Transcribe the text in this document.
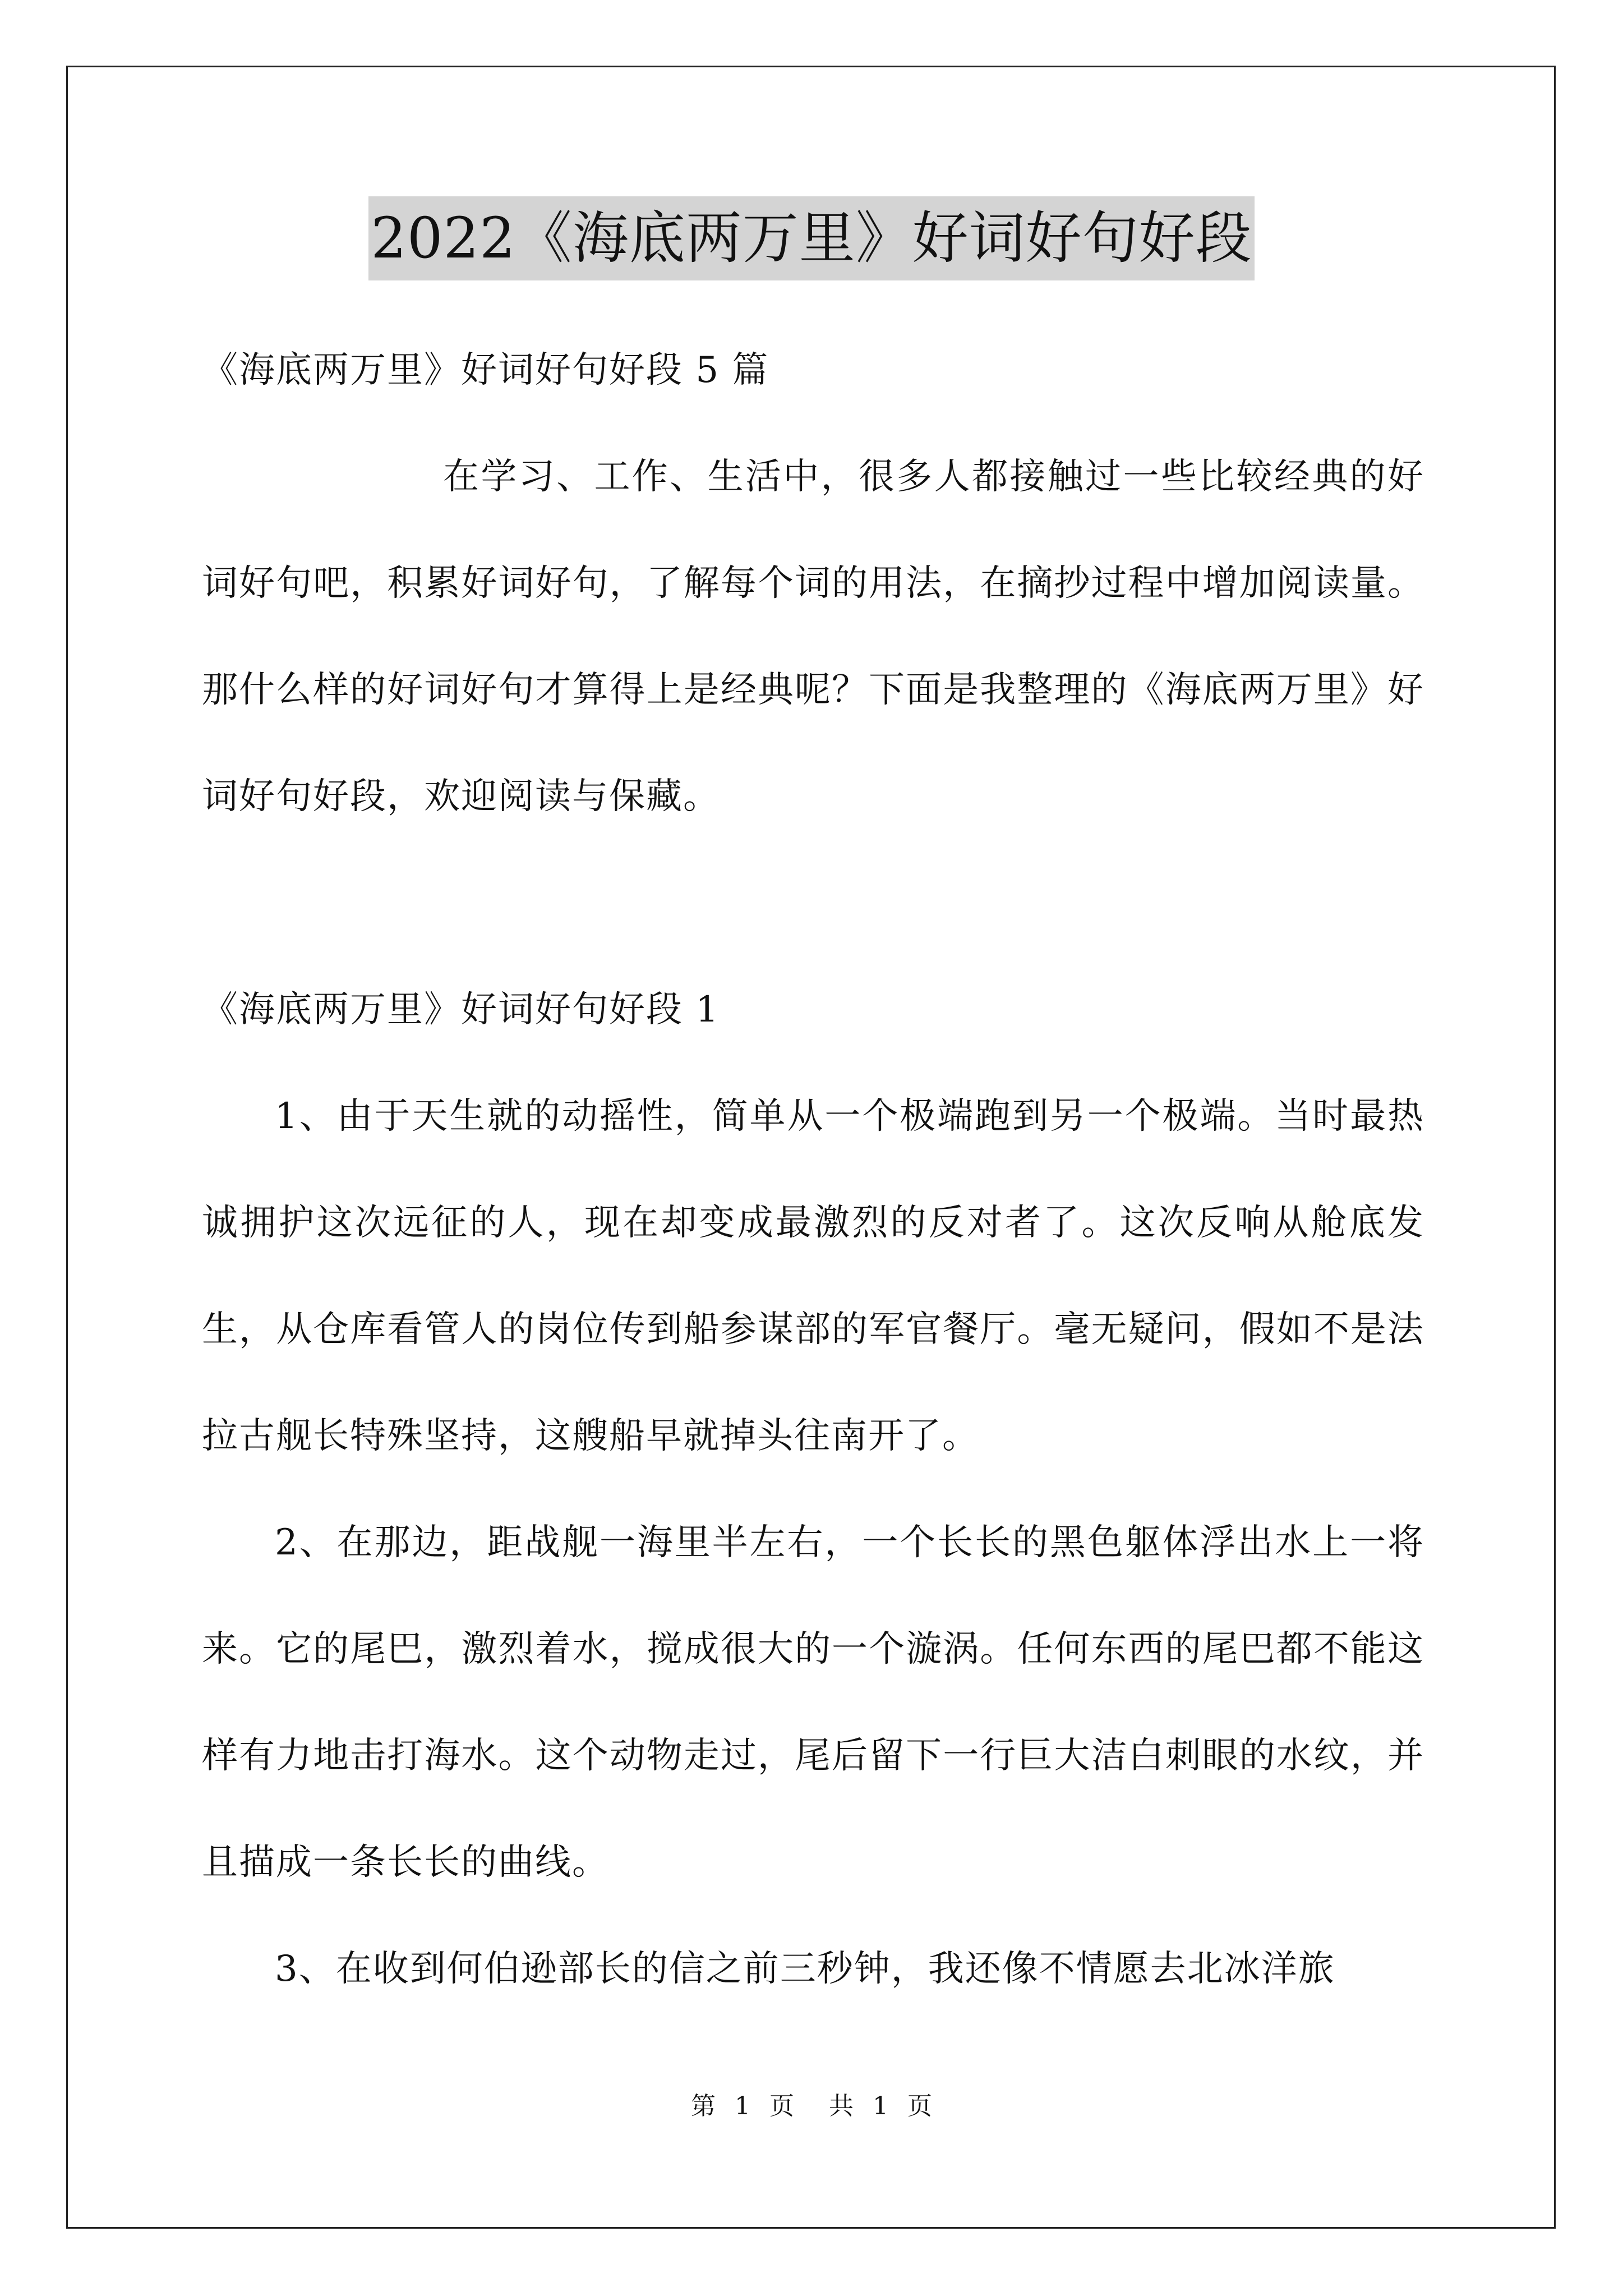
2022《海底两万里》好词好句好段

《海底两万里》好词好句好段 5 篇

在学习、工作、生活中，很多人都接触过一些比较经典的好词好句吧，积累好词好句，了解每个词的用法，在摘抄过程中增加阅读量。那什么样的好词好句才算得上是经典呢？下面是我整理的《海底两万里》好词好句好段，欢迎阅读与保藏。

《海底两万里》好词好句好段 1

1、由于天生就的动摇性，简单从一个极端跑到另一个极端。当时最热诚拥护这次远征的人，现在却变成最激烈的反对者了。这次反响从舱底发生，从仓库看管人的岗位传到船参谋部的军官餐厅。毫无疑问，假如不是法拉古舰长特殊坚持，这艘船早就掉头往南开了。

2、在那边，距战舰一海里半左右，一个长长的黑色躯体浮出水上一将来。它的尾巴，激烈着水，搅成很大的一个漩涡。任何东西的尾巴都不能这样有力地击打海水。这个动物走过，尾后留下一行巨大洁白刺眼的水纹，并且描成一条长长的曲线。

3、在收到何伯逊部长的信之前三秒钟，我还像不情愿去北冰洋旅

第 1 页 共 1 页
